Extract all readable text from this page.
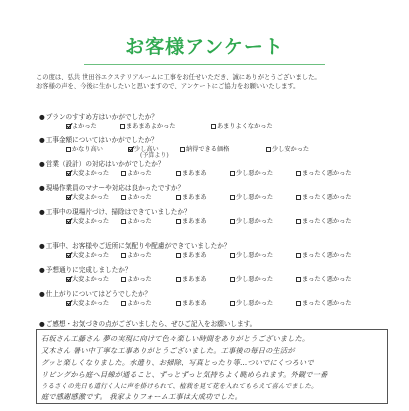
お客様アンケート
この度は、弘共 世田谷エクステリアルームに工事をお任せいただき、誠にありがとうございました。
お客様の声を、今後に生かしたいと思いますので、アンケートにご協力をお願いいたします。
● プランのすすめ方はいかがでしたか？
よかった	まあまあよかった	あまりよくなかった
● 工事金額についてはいかがでしたか？
かなり高い	少し高い	納得できる価格	少し安かった
(予算より)
● 営業（設計）の対応はいかがでしたか？
大変よかった	よかった	まあまあ	少し悪かった	まったく悪かった
● 現場作業員のマナーや対応は良かったですか？
大変よかった	よかった	まあまあ	少し悪かった	まったく悪かった
● 工事中の現場片づけ、掃除はできていましたか？
大変よかった	よかった	まあまあ	少し悪かった	まったく悪かった
● 工事中、お客様やご近所に気配りや配慮ができていましたか？
大変よかった	よかった	まあまあ	少し悪かった	まったく悪かった
● 予想通りに完成しましたか？
大変よかった	よかった	まあまあ	少し悪かった	まったく悪かった
● 仕上がりについてはどうでしたか？
大変よかった	よかった	まあまあ	少し悪かった	まったく悪かった
● ご感想・お気づきの点がございましたら、ぜひご記入をお願いします。
石坂さん工藤さん 夢の実現に向けて色々楽しい時間をありがとうございました。
又木さん 暑い中丁寧な工事ありがとうございました。工事後の毎日の生活が
グッと楽しくなりました。水遣り、お掃除、写真とったり等…ついでにくつろいで
リビングから庭へ目線が通ること、ずっとずっと気持ちよく眺められます。外観で一番
うるさくの先日も道行く人に声を掛けられて、植栽を見て花を入れてもらえて喜んでました。
庭で感謝感激です。 我家よりフォーム工事は大成功でした。
